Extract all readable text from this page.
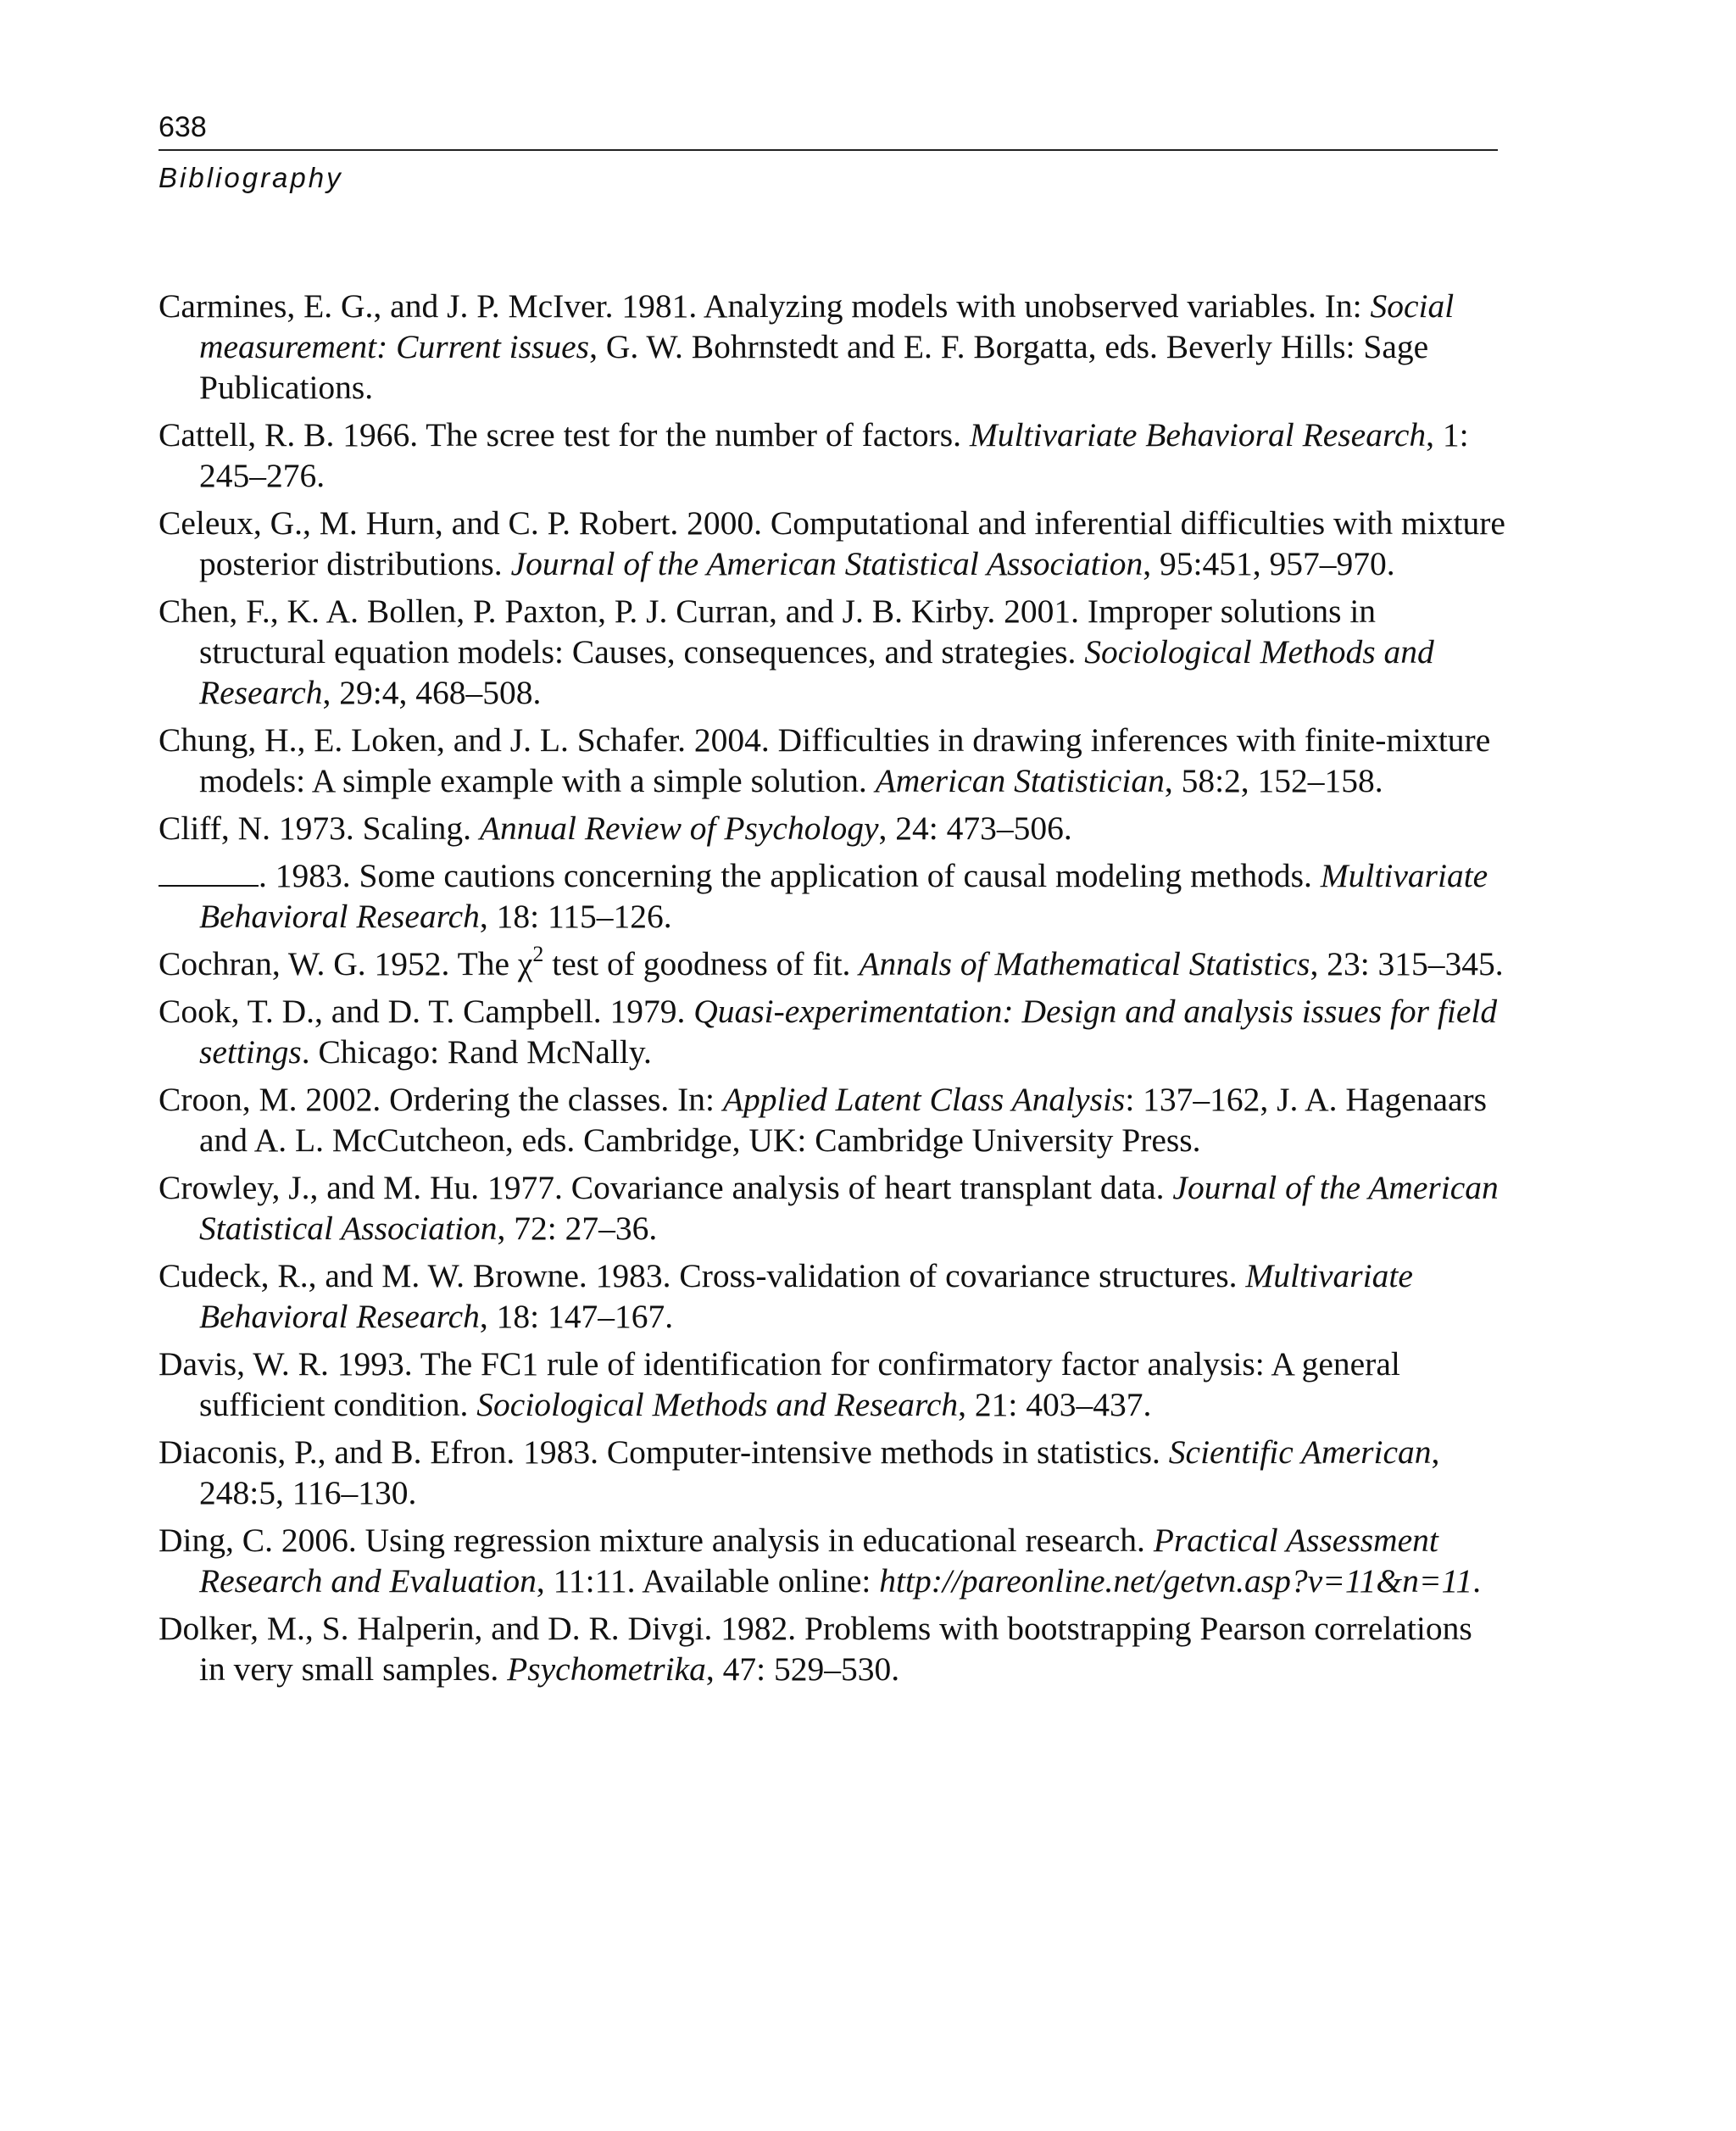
638
Bibliography
Carmines, E. G., and J. P. McIver. 1981. Analyzing models with unobserved variables. In: Social measurement: Current issues, G. W. Bohrnstedt and E. F. Borgatta, eds. Beverly Hills: Sage Publications.
Cattell, R. B. 1966. The scree test for the number of factors. Multivariate Behavioral Research, 1: 245–276.
Celeux, G., M. Hurn, and C. P. Robert. 2000. Computational and inferential difficulties with mixture posterior distributions. Journal of the American Statistical Association, 95:451, 957–970.
Chen, F., K. A. Bollen, P. Paxton, P. J. Curran, and J. B. Kirby. 2001. Improper solutions in structural equation models: Causes, consequences, and strategies. Sociological Methods and Research, 29:4, 468–508.
Chung, H., E. Loken, and J. L. Schafer. 2004. Difficulties in drawing inferences with finite-mixture models: A simple example with a simple solution. American Statistician, 58:2, 152–158.
Cliff, N. 1973. Scaling. Annual Review of Psychology, 24: 473–506.
. 1983. Some cautions concerning the application of causal modeling methods. Multivariate Behavioral Research, 18: 115–126.
Cochran, W. G. 1952. The $\chi^2$ test of goodness of fit. Annals of Mathematical Statistics, 23: 315–345.
Cook, T. D., and D. T. Campbell. 1979. Quasi-experimentation: Design and analysis issues for field settings. Chicago: Rand McNally.
Croon, M. 2002. Ordering the classes. In: Applied Latent Class Analysis: 137–162, J. A. Hagenaars and A. L. McCutcheon, eds. Cambridge, UK: Cambridge University Press.
Crowley, J., and M. Hu. 1977. Covariance analysis of heart transplant data. Journal of the American Statistical Association, 72: 27–36.
Cudeck, R., and M. W. Browne. 1983. Cross-validation of covariance structures. Multivariate Behavioral Research, 18: 147–167.
Davis, W. R. 1993. The FC1 rule of identification for confirmatory factor analysis: A general sufficient condition. Sociological Methods and Research, 21: 403–437.
Diaconis, P., and B. Efron. 1983. Computer-intensive methods in statistics. Scientific American, 248:5, 116–130.
Ding, C. 2006. Using regression mixture analysis in educational research. Practical Assessment Research and Evaluation, 11:11. Available online: http://pareonline.net/getvn.asp?v=11&n=11.
Dolker, M., S. Halperin, and D. R. Divgi. 1982. Problems with bootstrapping Pearson correlations in very small samples. Psychometrika, 47: 529–530.
